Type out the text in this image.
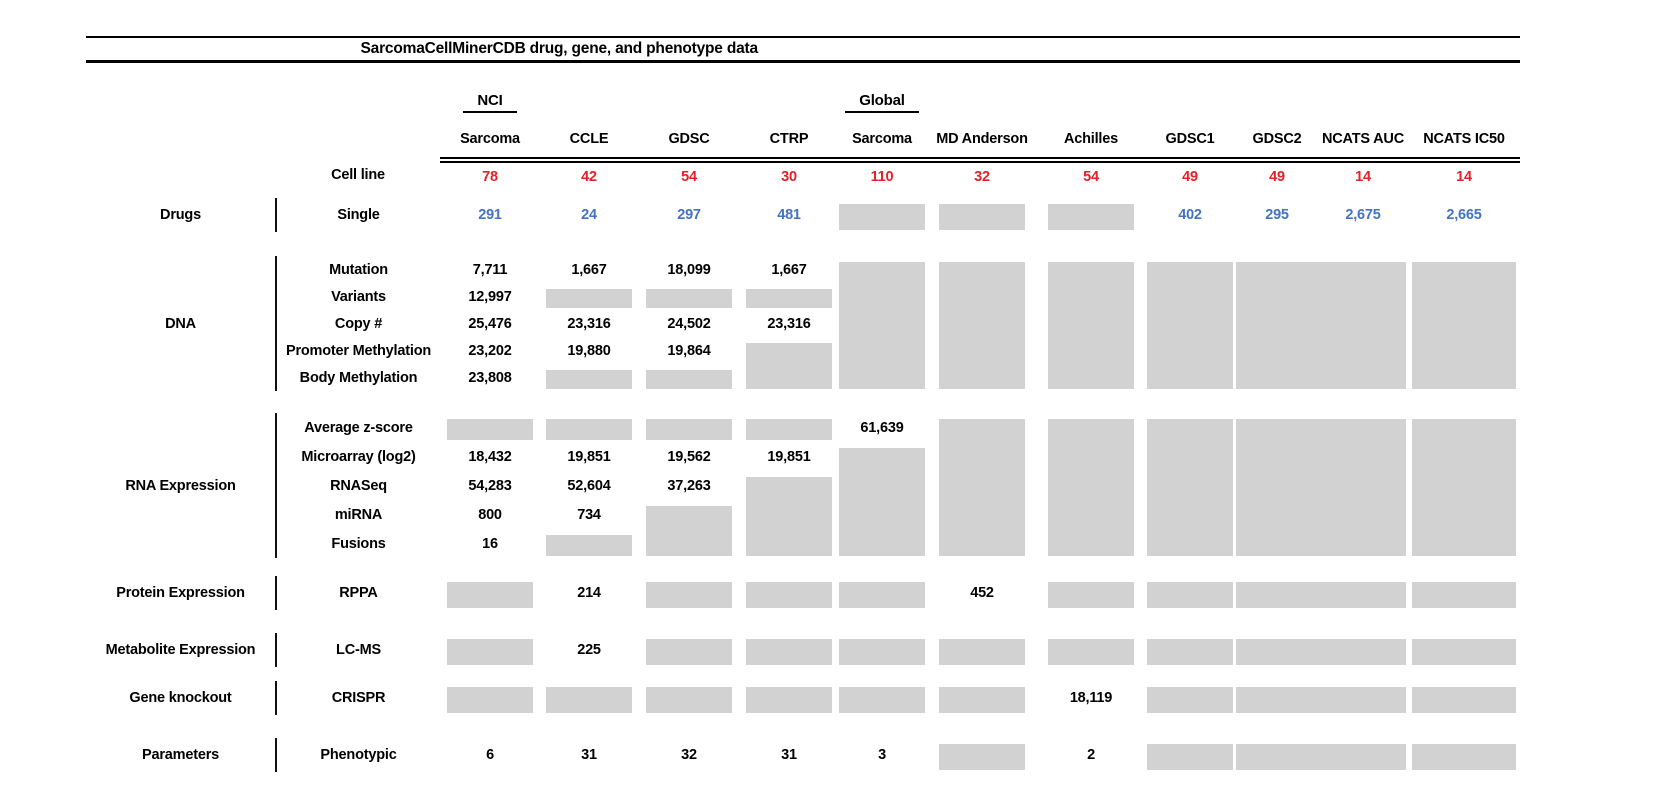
SarcomaCellMinerCDB drug, gene, and phenotype data
		NCI				Global						
		Sarcoma	CCLE	GDSC	CTRP	Sarcoma	MD Anderson	Achilles	GDSC1	GDSC2	NCATS AUC	NCATS IC50
	Cell line	78	42	54	30	110	32	54	49	49	14	14

Drugs	Single	291	24	297	481				402	295	2,675	2,665

DNA	Mutation	7,711	1,667	18,099	1,667	

	Variants	12,997								

	Copy #	25,476	23,316	24,502	23,316							
	Promoter Methylation	23,202	19,880	19,864								

	Body Methylation	23,808									

RNA Expression	Average z-score					61,639	

	Microarray (log2)	18,432	19,851	19,562	19,851							

	RNASeq	54,283	52,604	37,263								

	miRNA	800	734									

	Fusions	16										

Protein Expression	RPPA		214				452	

Metabolite Expression	LC-MS		225	

Gene knockout	CRISPR							18,119	

Parameters	Phenotypic	6	31	32	31	3		2	
